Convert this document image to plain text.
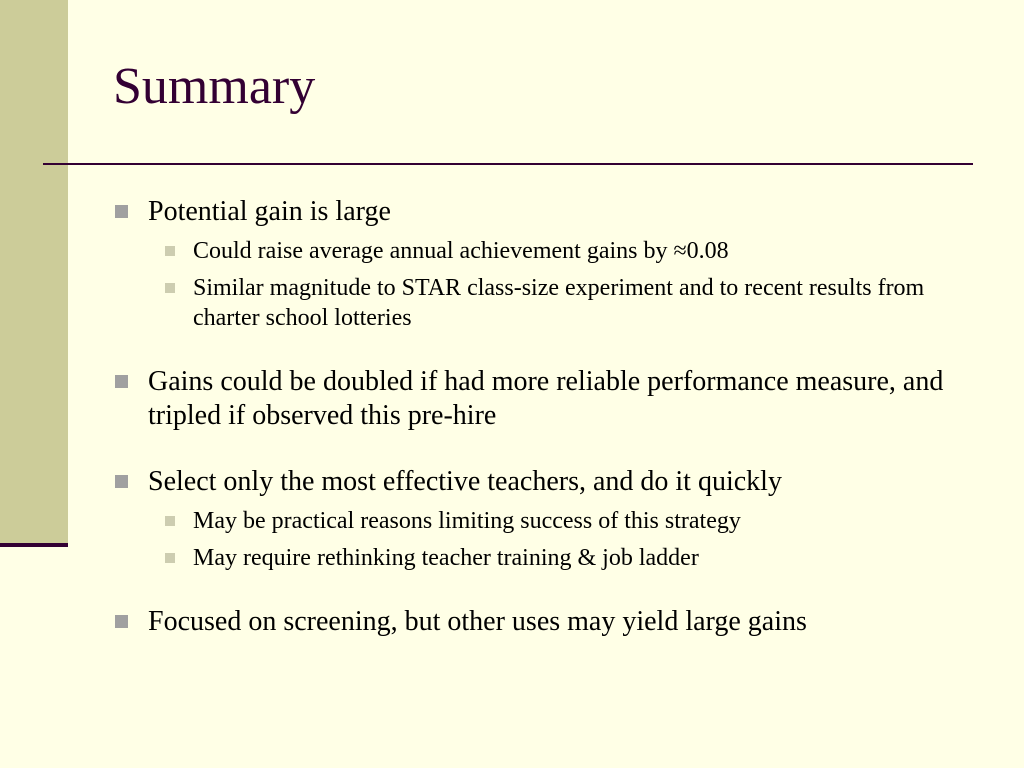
Summary
Potential gain is large
Could raise average annual achievement gains by ≈0.08
Similar magnitude to STAR class-size experiment and to recent results from charter school lotteries
Gains could be doubled if had more reliable performance measure, and tripled if observed this pre-hire
Select only the most effective teachers, and do it quickly
May be practical reasons limiting success of this strategy
May require rethinking teacher training & job ladder
Focused on screening, but other uses may yield large gains
